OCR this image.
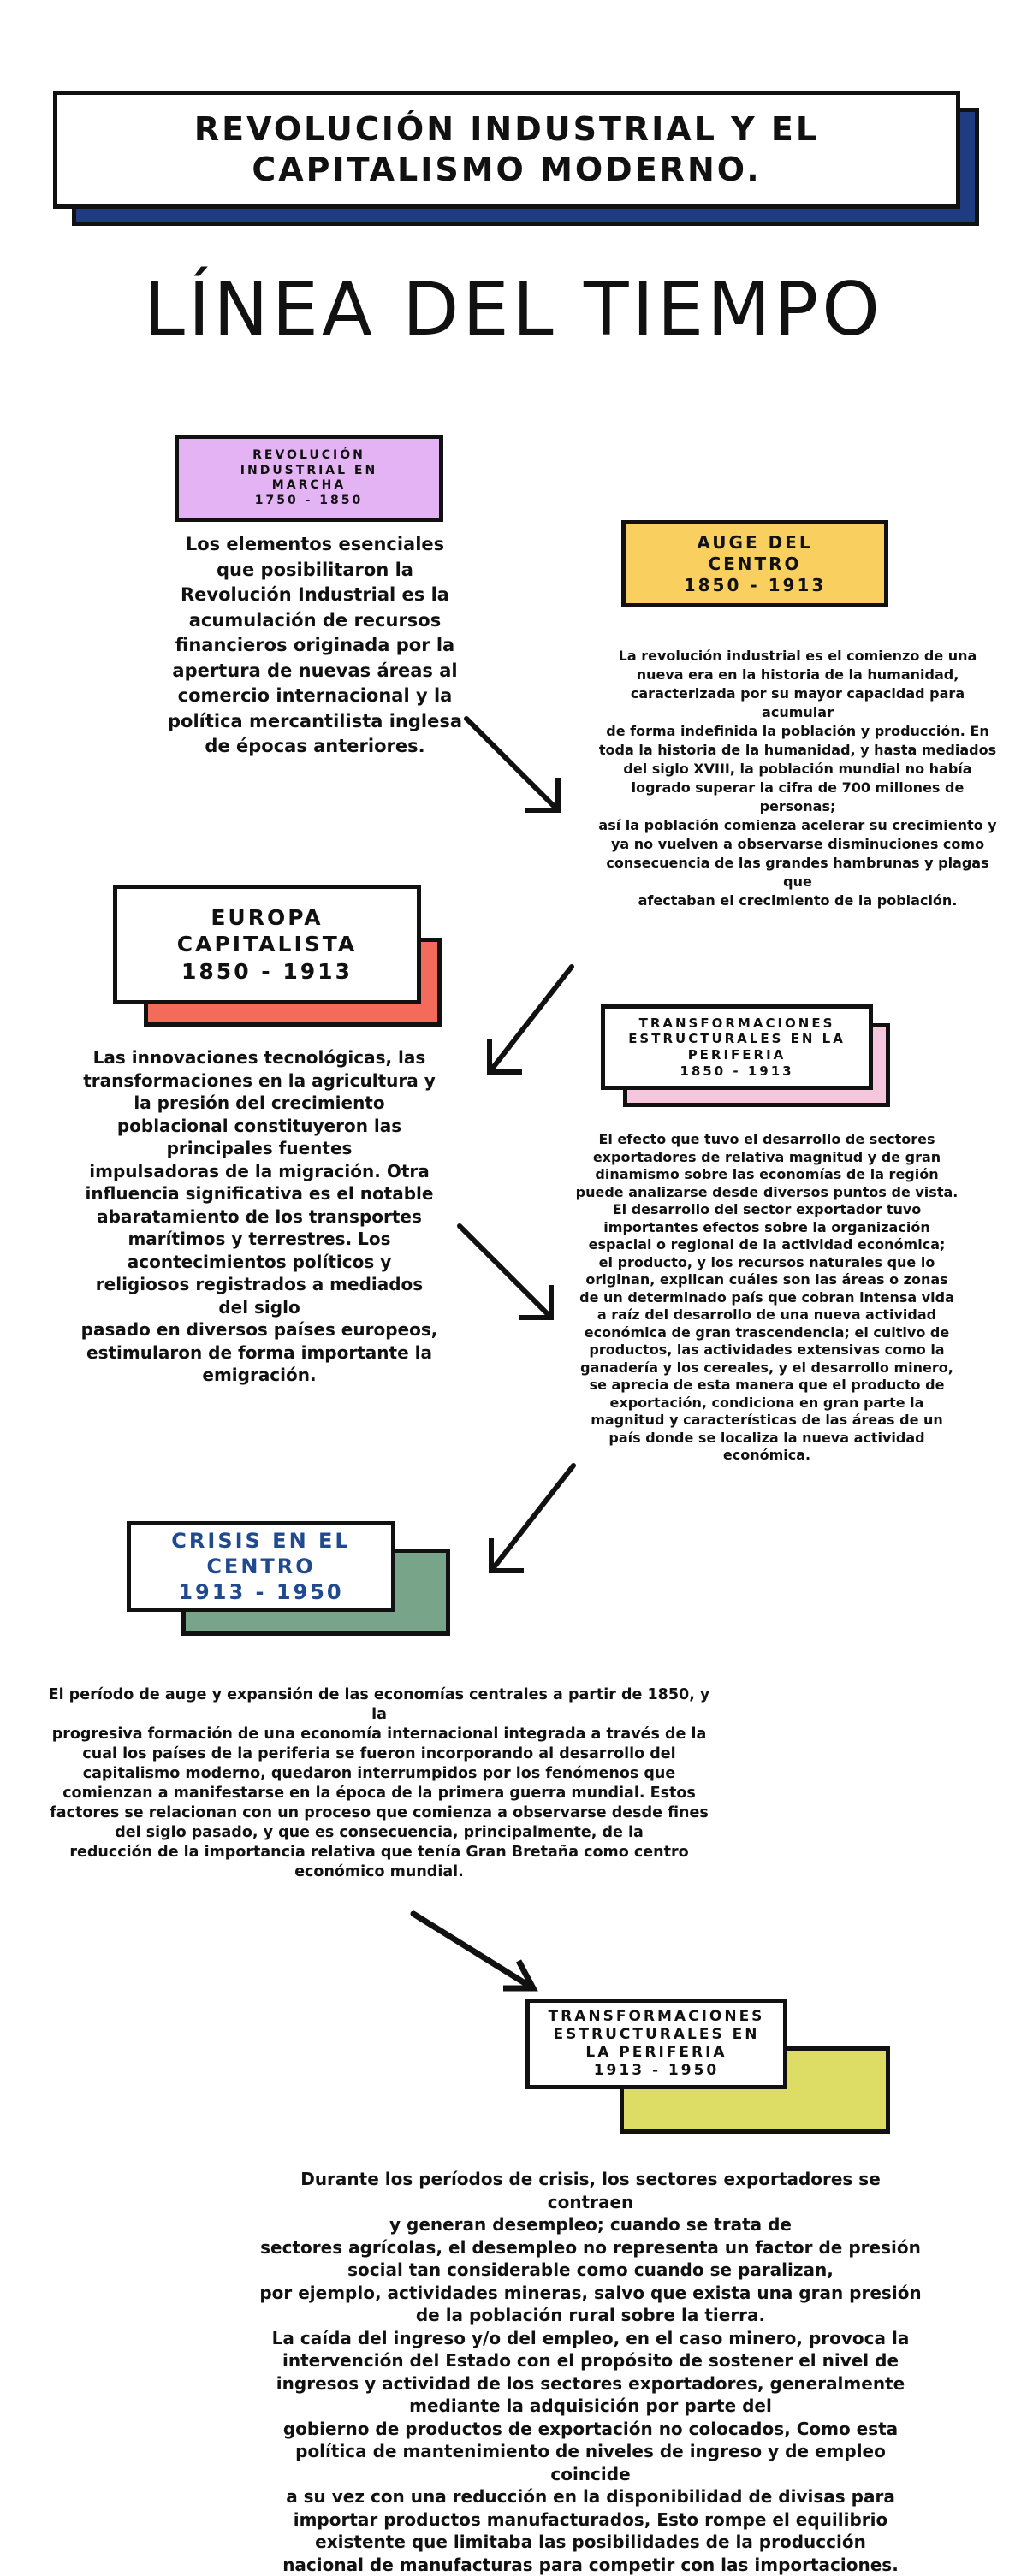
REVOLUCIÓN INDUSTRIAL Y EL
CAPITALISMO MODERNO.
LÍNEA DEL TIEMPO
REVOLUCIÓN
INDUSTRIAL EN
MARCHA
1750 - 1850
Los elementos esenciales
que posibilitaron la
Revolución Industrial es la
acumulación de recursos
financieros originada por la
apertura de nuevas áreas al
comercio internacional y la
política mercantilista inglesa
de épocas anteriores.
AUGE DEL
CENTRO
1850 - 1913
La revolución industrial es el comienzo de una
nueva era en la historia de la humanidad,
caracterizada por su mayor capacidad para
acumular
de forma indefinida la población y producción. En
toda la historia de la humanidad, y hasta mediados
del siglo XVIII, la población mundial no había
logrado superar la cifra de 700 millones de
personas;
así la población comienza acelerar su crecimiento y
ya no vuelven a observarse disminuciones como
consecuencia de las grandes hambrunas y plagas
que
afectaban el crecimiento de la población.
EUROPA CAPITALISTA
1850 - 1913
Las innovaciones tecnológicas, las
transformaciones en la agricultura y
la presión del crecimiento
poblacional constituyeron las
principales fuentes
impulsadoras de la migración. Otra
influencia significativa es el notable
abaratamiento de los transportes
marítimos y terrestres. Los
acontecimientos políticos y
religiosos registrados a mediados
del siglo
pasado en diversos países europeos,
estimularon de forma importante la
emigración.
TRANSFORMACIONES
ESTRUCTURALES EN LA
PERIFERIA
1850 - 1913
El efecto que tuvo el desarrollo de sectores
exportadores de relativa magnitud y de gran
dinamismo sobre las economías de la región
puede analizarse desde diversos puntos de vista.
El desarrollo del sector exportador tuvo
importantes efectos sobre la organización
espacial o regional de la actividad económica;
el producto, y los recursos naturales que lo
originan, explican cuáles son las áreas o zonas
de un determinado país que cobran intensa vida
a raíz del desarrollo de una nueva actividad
económica de gran trascendencia; el cultivo de
productos, las actividades extensivas como la
ganadería y los cereales, y el desarrollo minero,
se aprecia de esta manera que el producto de
exportación, condiciona en gran parte la
magnitud y características de las áreas de un
país donde se localiza la nueva actividad
económica.
CRISIS EN EL
CENTRO
1913 - 1950
El período de auge y expansión de las economías centrales a partir de 1850, y la
progresiva formación de una economía internacional integrada a través de la
cual los países de la periferia se fueron incorporando al desarrollo del
capitalismo moderno, quedaron interrumpidos por los fenómenos que
comienzan a manifestarse en la época de la primera guerra mundial. Estos
factores se relacionan con un proceso que comienza a observarse desde fines
del siglo pasado, y que es consecuencia, principalmente, de la
reducción de la importancia relativa que tenía Gran Bretaña como centro
económico mundial.
TRANSFORMACIONES
ESTRUCTURALES EN
LA PERIFERIA
1913 - 1950
Durante los períodos de crisis, los sectores exportadores se contraen
y generan desempleo; cuando se trata de
sectores agrícolas, el desempleo no representa un factor de presión
social tan considerable como cuando se paralizan,
por ejemplo, actividades mineras, salvo que exista una gran presión
de la población rural sobre la tierra.
La caída del ingreso y/o del empleo, en el caso minero, provoca la
intervención del Estado con el propósito de sostener el nivel de
ingresos y actividad de los sectores exportadores, generalmente
mediante la adquisición por parte del
gobierno de productos de exportación no colocados, Como esta
política de mantenimiento de niveles de ingreso y de empleo coincide
a su vez con una reducción en la disponibilidad de divisas para
importar productos manufacturados, Esto rompe el equilibrio
existente que limitaba las posibilidades de la producción
nacional de manufacturas para competir con las importaciones.
